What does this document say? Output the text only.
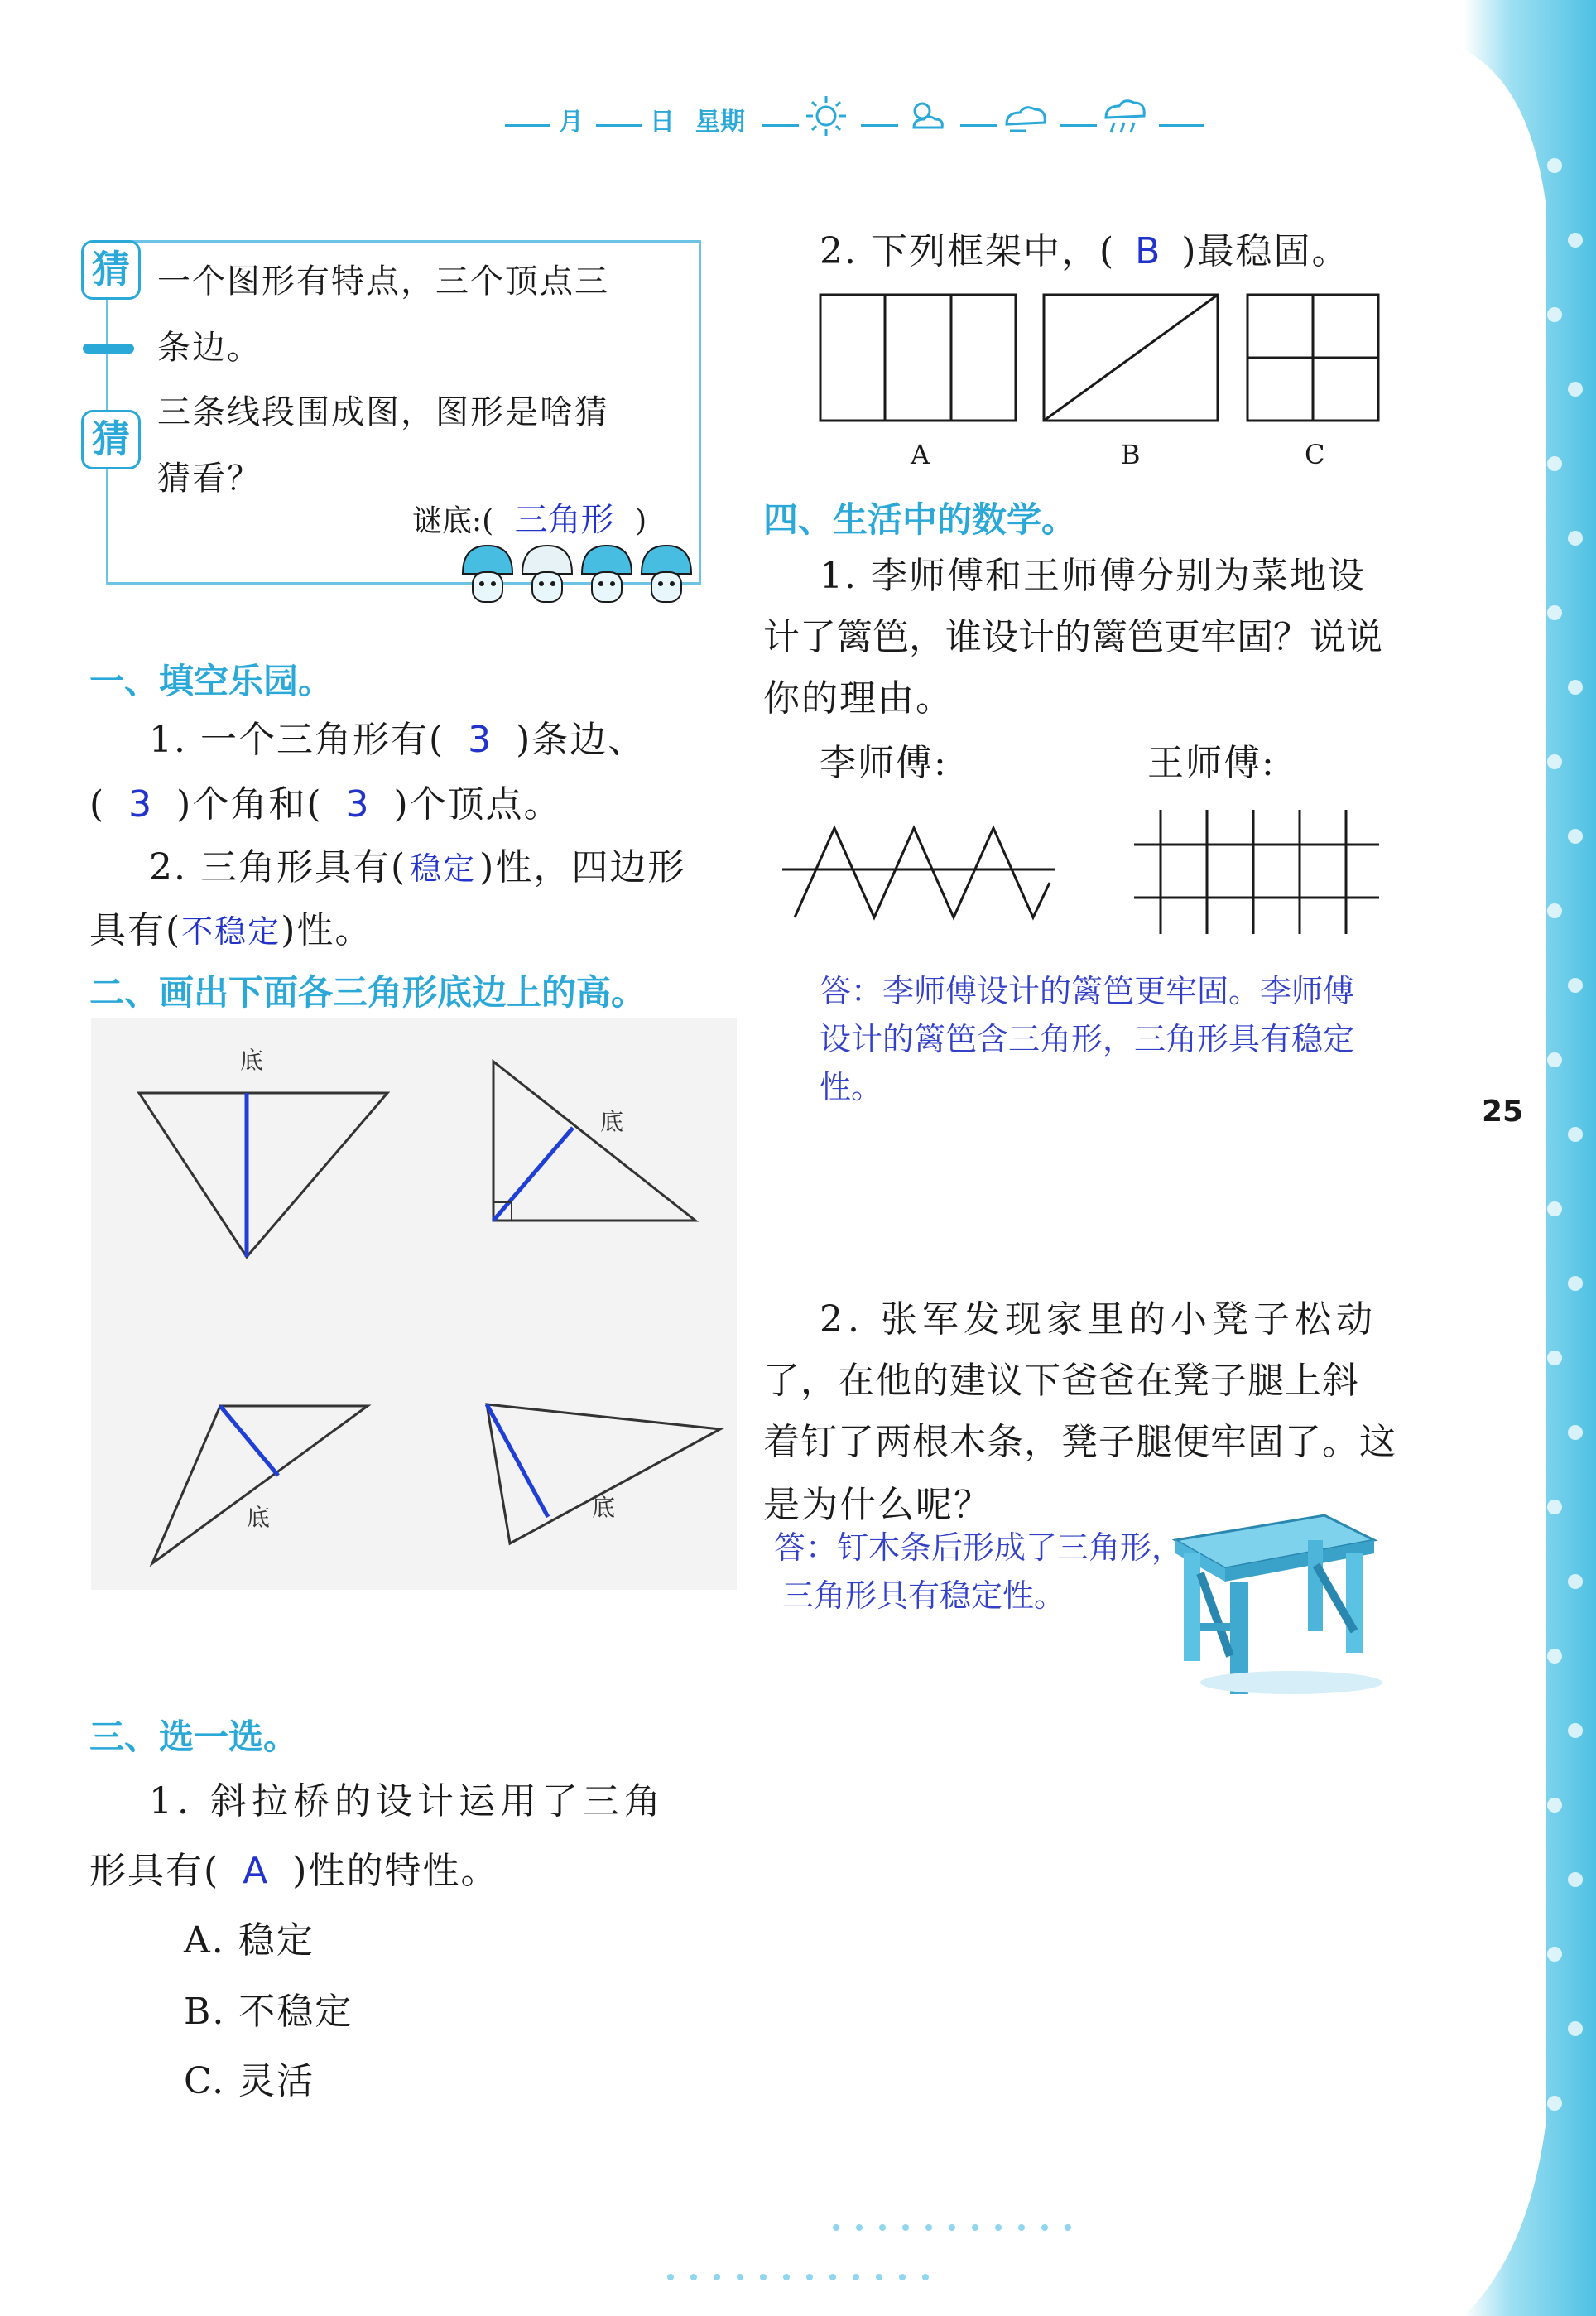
25
月	日 星期
猜
猜
一个图形有特点，三个顶点三
条边。
三条线段围成图，图形是啥猜
猜看？
谜底:( 三角形 )
一、填空乐园。
1. 一个三角形有( 3 )条边、
( 3 )个角和( 3 )个顶点。
2. 三角形具有( 稳定)性，四边形
具有(不稳定)性。
二、画出下面各三角形底边上的高。
底
底
底	底
三、选一选。
1. 斜拉桥的设计运用了三角
形具有( A )性的特性。
A. 稳定
B. 不稳定
C. 灵活
2. 下列框架中，( B )最稳固。
A	B	C
四、生活中的数学。
1. 李师傅和王师傅分别为菜地设
计了篱笆，谁设计的篱笆更牢固？说说
你的理由。
李师傅:	王师傅:
答：李师傅设计的篱笆更牢固。李师傅
设计的篱笆含三角形，三角形具有稳定
性。
2. 张军发现家里的小凳子松动
了，在他的建议下爸爸在凳子腿上斜
着钉了两根木条，凳子腿便牢固了。这
是为什么呢？
答：钉木条后形成了三角形，
三角形具有稳定性。
